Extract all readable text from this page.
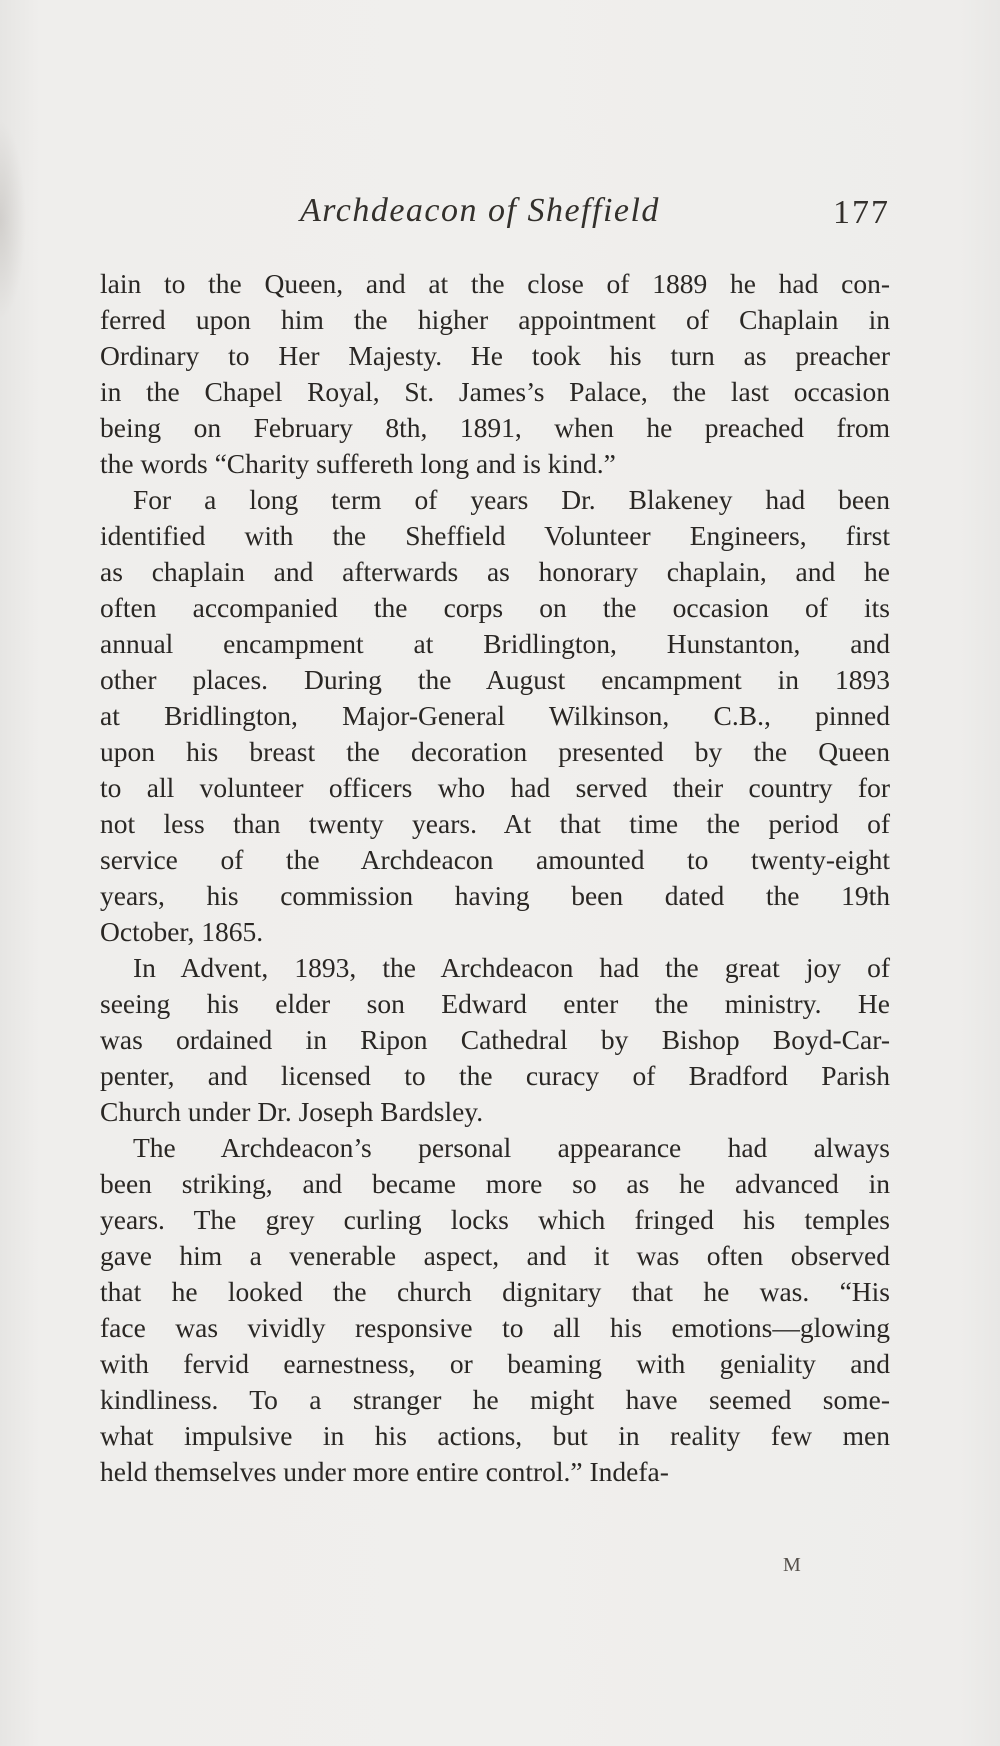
Archdeacon of Sheffield	177
lain to the Queen, and at the close of 1889 he had con-
ferred upon him the higher appointment of Chaplain in
Ordinary to Her Majesty. He took his turn as preacher
in the Chapel Royal, St. James’s Palace, the last occasion
being on February 8th, 1891, when he preached from
the words “Charity suffereth long and is kind.”
For a long term of years Dr. Blakeney had been
identified with the Sheffield Volunteer Engineers, first
as chaplain and afterwards as honorary chaplain, and he
often accompanied the corps on the occasion of its
annual encampment at Bridlington, Hunstanton, and
other places. During the August encampment in 1893
at Bridlington, Major-General Wilkinson, C.B., pinned
upon his breast the decoration presented by the Queen
to all volunteer officers who had served their country for
not less than twenty years. At that time the period of
service of the Archdeacon amounted to twenty-eight
years, his commission having been dated the 19th
October, 1865.
In Advent, 1893, the Archdeacon had the great joy of
seeing his elder son Edward enter the ministry. He
was ordained in Ripon Cathedral by Bishop Boyd-Car-
penter, and licensed to the curacy of Bradford Parish
Church under Dr. Joseph Bardsley.
The Archdeacon’s personal appearance had always
been striking, and became more so as he advanced in
years. The grey curling locks which fringed his temples
gave him a venerable aspect, and it was often observed
that he looked the church dignitary that he was. “His
face was vividly responsive to all his emotions—glowing
with fervid earnestness, or beaming with geniality and
kindliness. To a stranger he might have seemed some-
what impulsive in his actions, but in reality few men
held themselves under more entire control.” Indefa-
M
